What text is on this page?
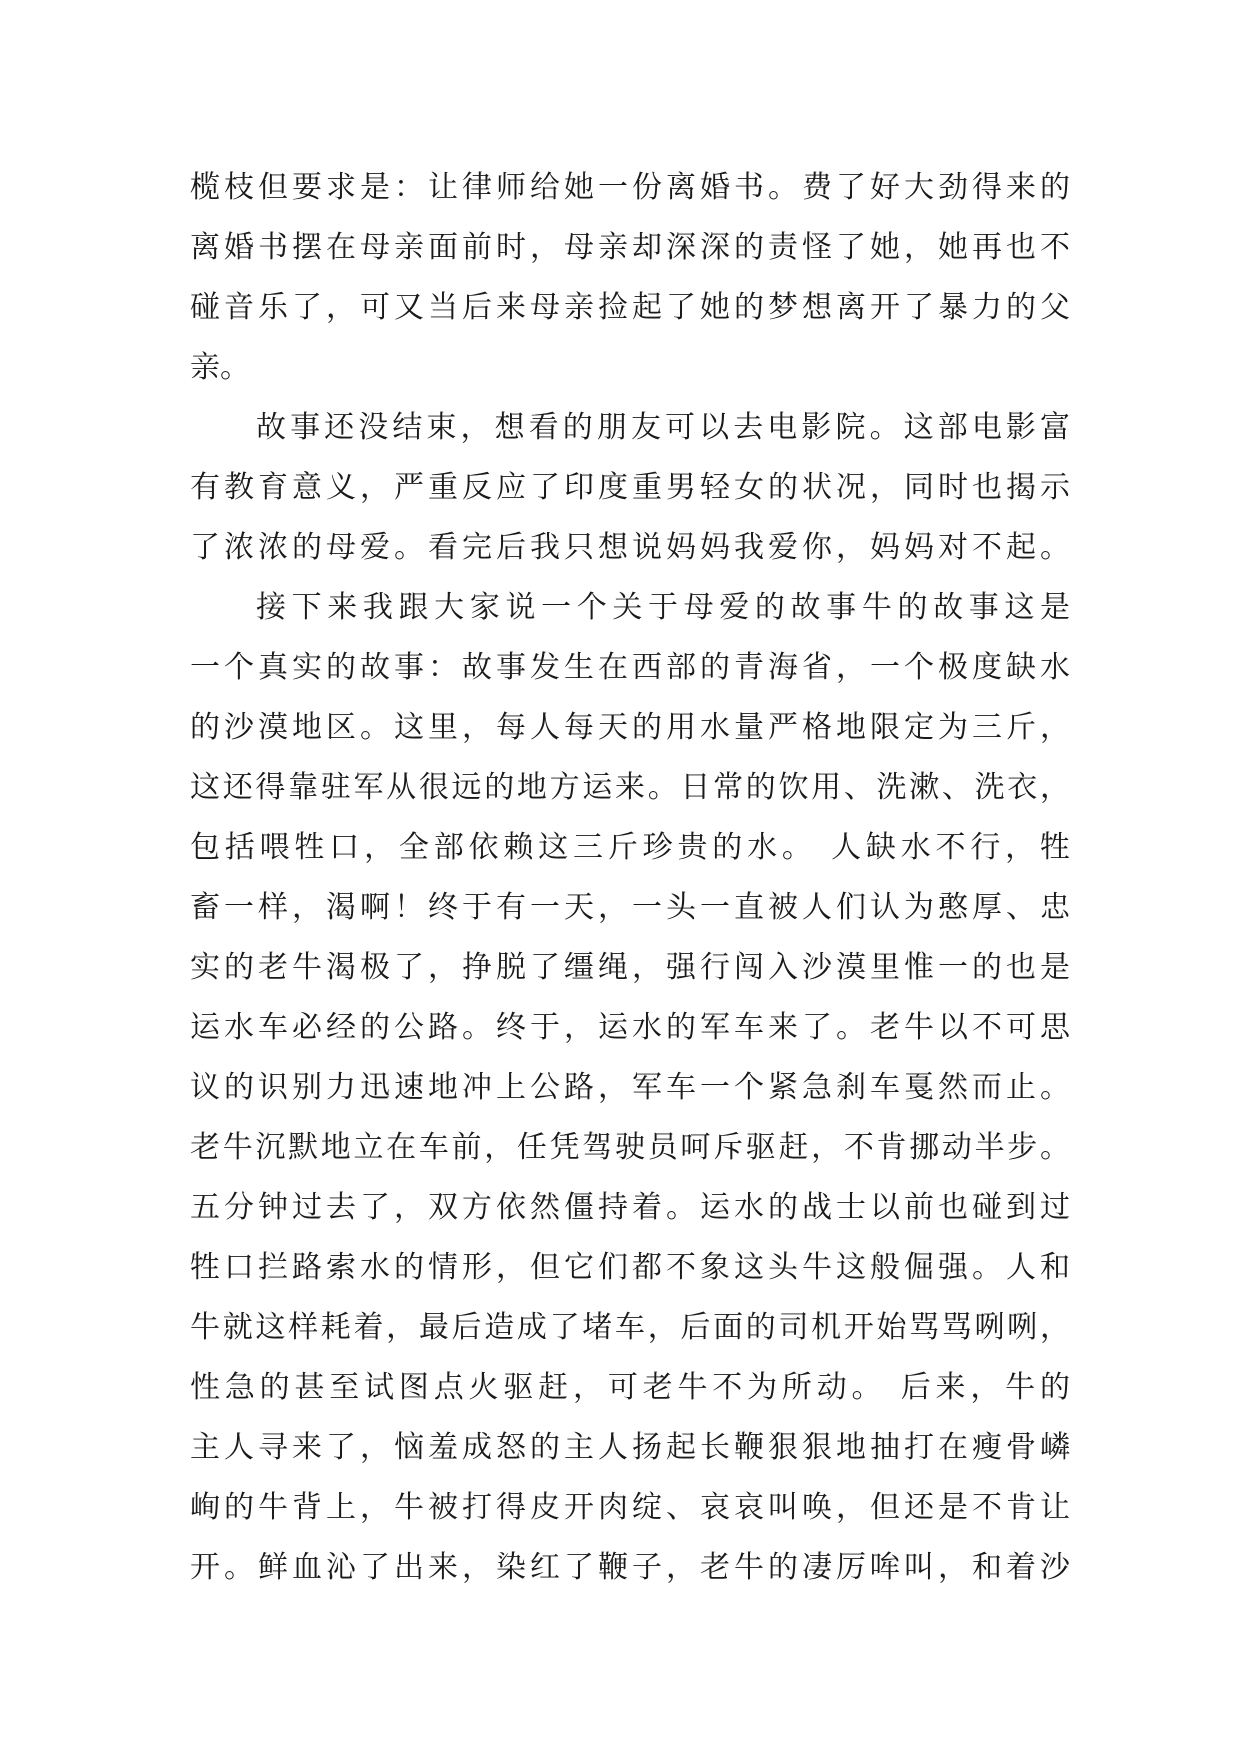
榄枝但要求是：让律师给她一份离婚书。费了好大劲得来的
离婚书摆在母亲面前时，母亲却深深的责怪了她，她再也不
碰音乐了，可又当后来母亲捡起了她的梦想离开了暴力的父
亲。
故事还没结束，想看的朋友可以去电影院。这部电影富
有教育意义，严重反应了印度重男轻女的状况，同时也揭示
了浓浓的母爱。看完后我只想说妈妈我爱你，妈妈对不起。
接下来我跟大家说一个关于母爱的故事牛的故事这是
一个真实的故事：故事发生在西部的青海省，一个极度缺水
的沙漠地区。这里，每人每天的用水量严格地限定为三斤，
这还得靠驻军从很远的地方运来。日常的饮用、洗漱、洗衣，
包括喂牲口，全部依赖这三斤珍贵的水。 人缺水不行，牲
畜一样，渴啊！终于有一天，一头一直被人们认为憨厚、忠
实的老牛渴极了，挣脱了缰绳，强行闯入沙漠里惟一的也是
运水车必经的公路。终于，运水的军车来了。老牛以不可思
议的识别力迅速地冲上公路，军车一个紧急刹车戛然而止。
老牛沉默地立在车前，任凭驾驶员呵斥驱赶，不肯挪动半步。
五分钟过去了，双方依然僵持着。运水的战士以前也碰到过
牲口拦路索水的情形，但它们都不象这头牛这般倔强。人和
牛就这样耗着，最后造成了堵车，后面的司机开始骂骂咧咧，
性急的甚至试图点火驱赶，可老牛不为所动。 后来，牛的
主人寻来了，恼羞成怒的主人扬起长鞭狠狠地抽打在瘦骨嶙
峋的牛背上，牛被打得皮开肉绽、哀哀叫唤，但还是不肯让
开。鲜血沁了出来，染红了鞭子，老牛的凄厉哞叫，和着沙
